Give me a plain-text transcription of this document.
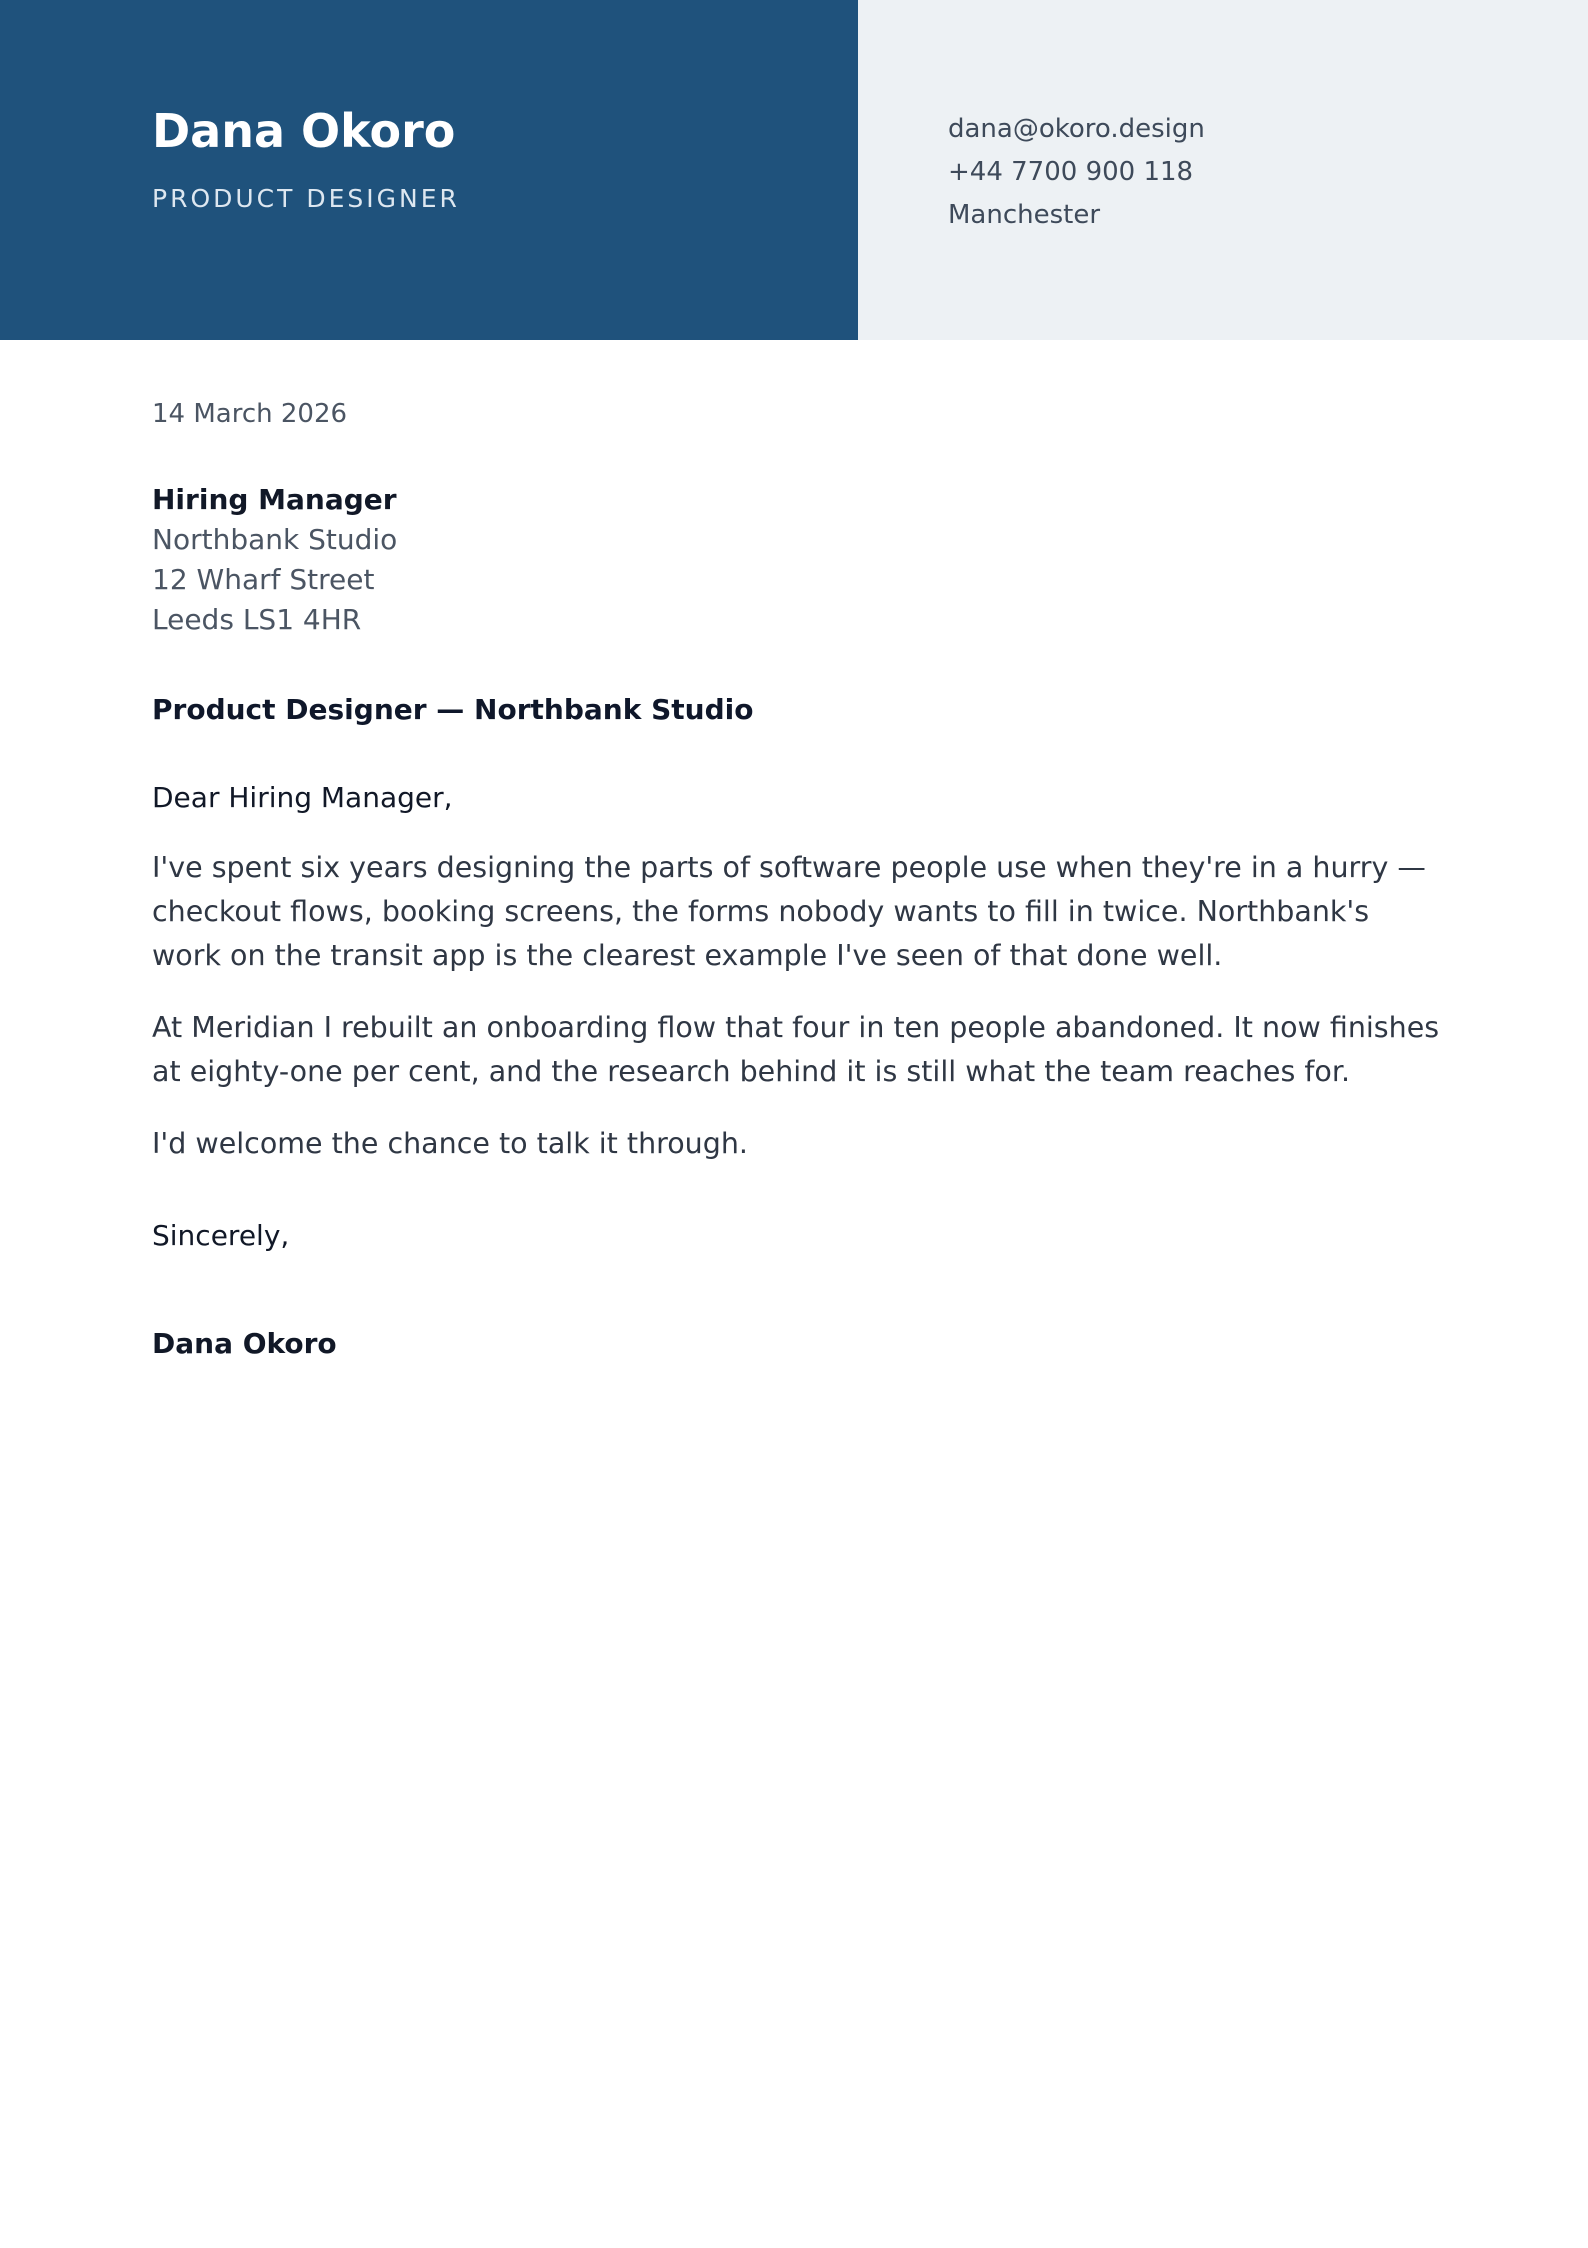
Dana Okoro
PRODUCT DESIGNER
dana@okoro.design
+44 7700 900 118
Manchester
14 March 2026
Hiring Manager
Northbank Studio
12 Wharf Street
Leeds LS1 4HR
Product Designer — Northbank Studio
Dear Hiring Manager,

I've spent six years designing the parts of software people use when they're in a hurry — checkout flows, booking screens, the forms nobody wants to fill in twice. Northbank's work on the transit app is the clearest example I've seen of that done well.

At Meridian I rebuilt an onboarding flow that four in ten people abandoned. It now finishes at eighty-one per cent, and the research behind it is still what the team reaches for.

I'd welcome the chance to talk it through.

Sincerely,
Dana Okoro
